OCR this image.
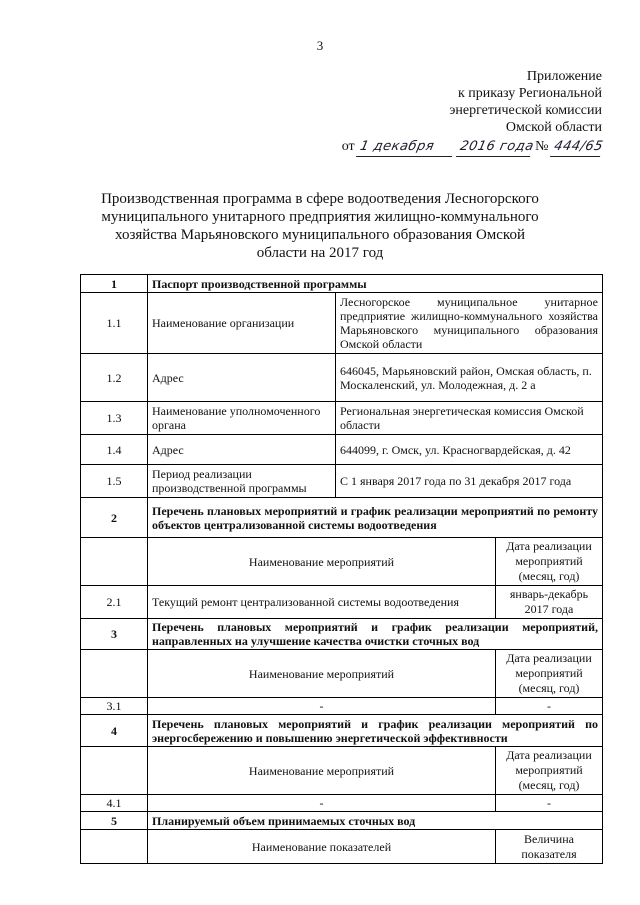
3
Приложение
к приказу Региональной
энергетической комиссии
Омской области
от 1 декабря 2016 года № 444/65
Производственная программа в сфере водоотведения Лесногорского муниципального унитарного предприятия жилищно-коммунального хозяйства Марьяновского муниципального образования Омской области на 2017 год
1	Паспорт производственной программы		
1.1	Наименование организации	Лесногорское муниципальное унитарное предприятие жилищно-коммунального хозяйства Марьяновского муниципального образования Омской области	
1.2	Адрес	646045, Марьяновский район, Омская область, п. Москаленский, ул. Молодежная, д. 2 а	
1.3	Наименование уполномоченного органа	Региональная энергетическая комиссия Омской области	
1.4	Адрес	644099, г. Омск, ул. Красногвардейская, д. 42	
1.5	Период реализации производственной программы	С 1 января 2017 года по 31 декабря 2017 года	
2	Перечень плановых мероприятий и график реализации мероприятий по ремонту объектов централизованной системы водоотведения		
	Наименование мероприятий		Дата реализации мероприятий (месяц, год)
2.1	Текущий ремонт централизованной системы водоотведения		январь-декабрь 2017 года
3	Перечень плановых мероприятий и график реализации мероприятий, направленных на улучшение качества очистки сточных вод		
	Наименование мероприятий		Дата реализации мероприятий (месяц, год)
3.1	-		-
4	Перечень плановых мероприятий и график реализации мероприятий по энергосбережению и повышению энергетической эффективности		
	Наименование мероприятий		Дата реализации мероприятий (месяц, год)
4.1	-		-
5	Планируемый объем принимаемых сточных вод		
	Наименование показателей		Величина показателя
